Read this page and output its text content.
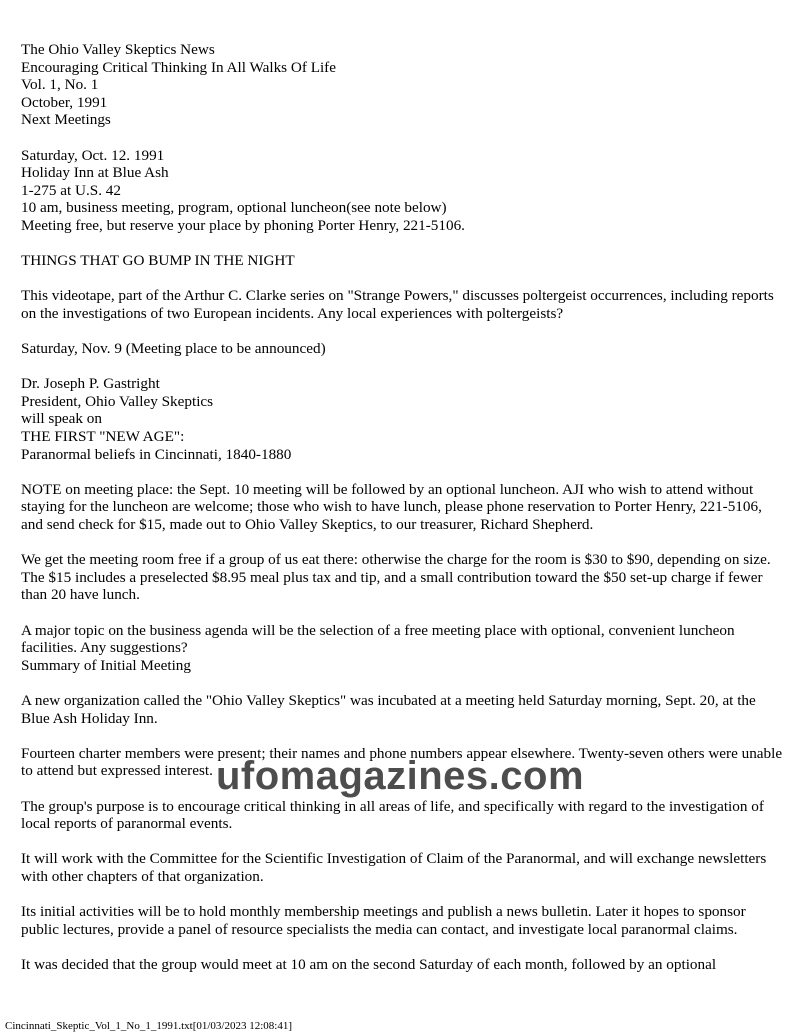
The Ohio Valley Skeptics News
Encouraging Critical Thinking In All Walks Of Life
Vol. 1, No. 1
October, 1991
Next Meetings
Saturday, Oct. 12. 1991
Holiday Inn at Blue Ash
1-275 at U.S. 42
10 am, business meeting, program, optional luncheon(see note below)
Meeting free, but reserve your place by phoning Porter Henry, 221-5106.
THINGS THAT GO BUMP IN THE NIGHT
This videotape, part of the Arthur C. Clarke series on "Strange Powers," discusses poltergeist occurrences, including reports on the investigations of two European incidents. Any local experiences with poltergeists?
Saturday, Nov. 9 (Meeting place to be announced)
Dr. Joseph P. Gastright
President, Ohio Valley Skeptics
will speak on
THE FIRST "NEW AGE":
Paranormal beliefs in Cincinnati, 1840-1880
NOTE on meeting place: the Sept. 10 meeting will be followed by an optional luncheon. AJI who wish to attend without staying for the luncheon are welcome; those who wish to have lunch, please phone reservation to Porter Henry, 221-5106, and send check for $15, made out to Ohio Valley Skeptics, to our treasurer, Richard Shepherd.
We get the meeting room free if a group of us eat there: otherwise the charge for the room is $30 to $90, depending on size. The $15 includes a preselected $8.95 meal plus tax and tip, and a small contribution toward the $50 set-up charge if fewer than 20 have lunch.
A major topic on the business agenda will be the selection of a free meeting place with optional, convenient luncheon facilities. Any suggestions?
Summary of Initial Meeting
A new organization called the "Ohio Valley Skeptics" was incubated at a meeting held Saturday morning, Sept. 20, at the Blue Ash Holiday Inn.
Fourteen charter members were present; their names and phone numbers appear elsewhere. Twenty-seven others were unable to attend but expressed interest.
The group's purpose is to encourage critical thinking in all areas of life, and specifically with regard to the investigation of local reports of paranormal events.
It will work with the Committee for the Scientific Investigation of Claim of the Paranormal, and will exchange newsletters with other chapters of that organization.
Its initial activities will be to hold monthly membership meetings and publish a news bulletin. Later it hopes to sponsor public lectures, provide a panel of resource specialists the media can contact, and investigate local paranormal claims.
It was decided that the group would meet at 10 am on the second Saturday of each month, followed by an optional
ufomagazines.com
Cincinnati_Skeptic_Vol_1_No_1_1991.txt[01/03/2023 12:08:41]
